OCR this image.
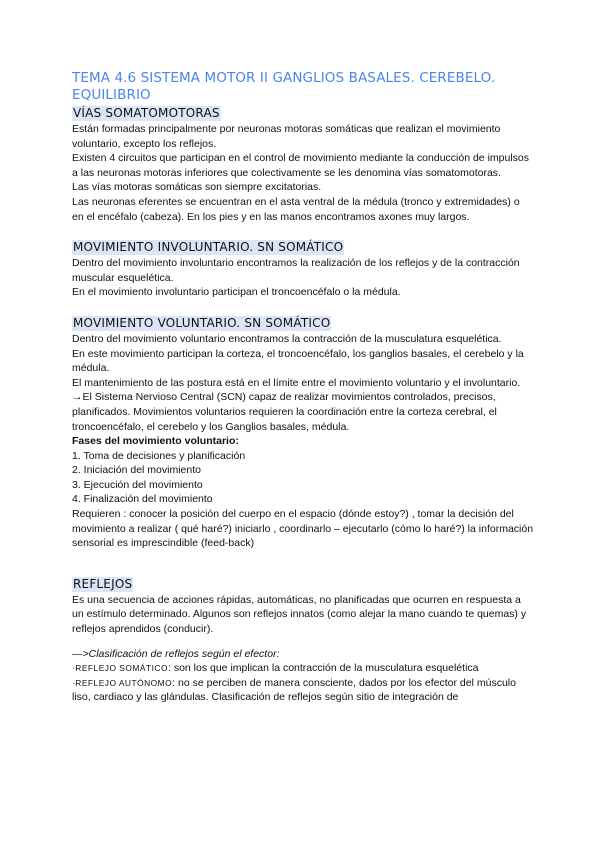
TEMA 4.6 SISTEMA MOTOR II GANGLIOS BASALES. CEREBELO. EQUILIBRIO
VÍAS SOMATOMOTORAS

Están formadas principalmente por neuronas motoras somáticas que realizan el movimiento voluntario, excepto los reflejos.

Existen 4 circuitos que participan en el control de movimiento mediante la conducción de impulsos a las neuronas motoras inferiores que colectivamente se les denomina vías somatomotoras.

Las vías motoras somáticas son siempre excitatorias.

Las neuronas eferentes se encuentran en el asta ventral de la médula (tronco y extremidades) o en el encéfalo (cabeza). En los pies y en las manos encontramos axones muy largos.

MOVIMIENTO INVOLUNTARIO. SN SOMÁTICO

Dentro del movimiento involuntario encontramos la realización de los reflejos y de la contracción muscular esquelética.

En el movimiento involuntario participan el troncoencéfalo o la médula.

MOVIMIENTO VOLUNTARIO. SN SOMÁTICO

Dentro del movimiento voluntario encontramos la contracción de la musculatura esquelética.

En este movimiento participan la corteza, el troncoencéfalo, los ganglios basales, el cerebelo y la médula.

El mantenimiento de las postura está en el límite entre el movimiento voluntario y el involuntario.

→El Sistema Nervioso Central (SCN) capaz de realizar movimientos controlados, precisos, planificados. Movimientos voluntarios requieren la coordinación entre la corteza cerebral, el troncoencéfalo, el cerebelo y los Ganglios basales, médula.

Fases del movimiento voluntario:

1. Toma de decisiones y planificación

2. Iniciación del movimiento

3. Ejecución del movimiento

4. Finalización del movimiento

Requieren : conocer la posición del cuerpo en el espacio (dónde estoy?) , tomar la decisión del movimiento a realizar ( qué haré?) iniciarlo , coordinarlo – ejecutarlo (cómo lo haré?) la información sensorial es imprescindible (feed-back)

REFLEJOS

Es una secuencia de acciones rápidas, automáticas, no planificadas que ocurren en respuesta a un estímulo determinado. Algunos son reflejos innatos (como alejar la mano cuando te quemas) y reflejos aprendidos (conducir).

—>Clasificación de reflejos según el efector:

·REFLEJO SOMÁTICO: son los que implican la contracción de la musculatura esquelética

·REFLEJO AUTÓNOMO: no se perciben de manera consciente, dados por los efector del músculo liso, cardiaco y las glándulas. Clasificación de reflejos según sitio de integración de
